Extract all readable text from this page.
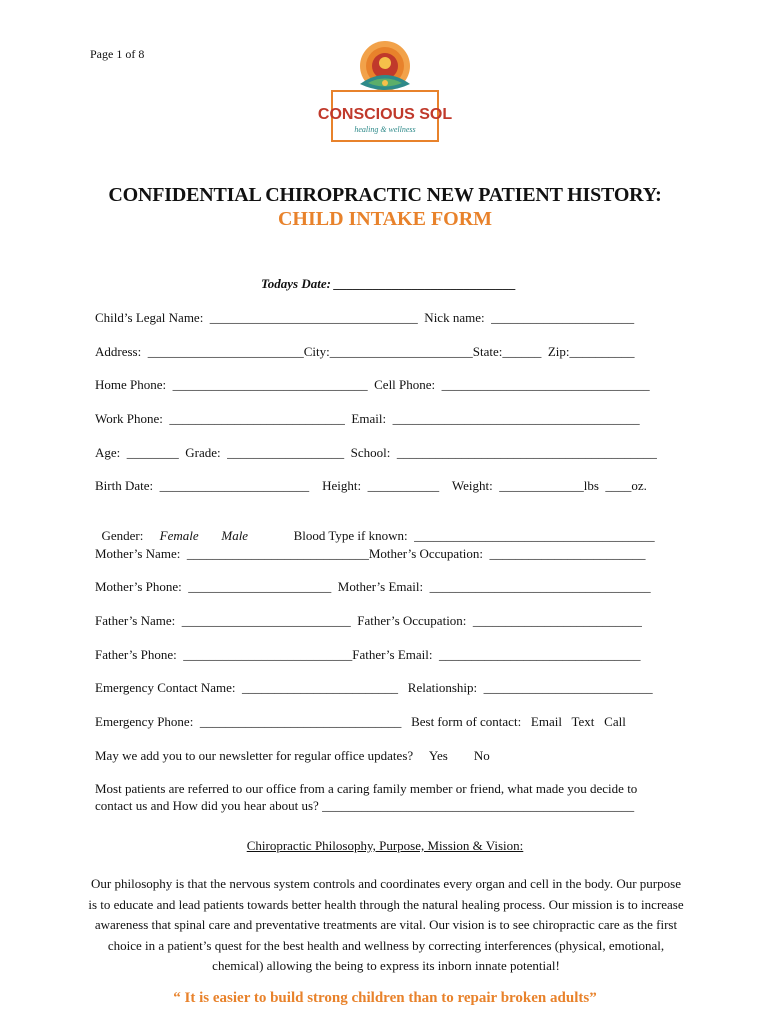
Page 1 of 8
CONSCIOUS SOL
healing & wellness
CONFIDENTIAL CHIROPRACTIC NEW PATIENT HISTORY:
CHILD INTAKE FORM
Todays Date: ____________________________
Child’s Legal Name:  ________________________________  Nick name:  ______________________
Address:  ________________________City:______________________State:______  Zip:__________
Home Phone:  ______________________________  Cell Phone:  ________________________________
Work Phone:  ___________________________  Email:  ______________________________________
Age:  ________  Grade:  __________________  School:  ________________________________________
Birth Date:  _______________________    Height:  ___________    Weight:  _____________lbs  ____oz.

Gender: Female Male	Blood Type if known:  _____________________________________

Mother’s Name:  ____________________________Mother’s Occupation:  ________________________
Mother’s Phone:  ______________________  Mother’s Email:  __________________________________
Father’s Name:  __________________________  Father’s Occupation:  __________________________
Father’s Phone:  __________________________Father’s Email:  _______________________________
Emergency Contact Name:  ________________________   Relationship:  __________________________
Emergency Phone:  _______________________________   Best form of contact:   Email   Text   Call
May we add you to our newsletter for regular office updates?     Yes        No
Most patients are referred to our office from a caring family member or friend, what made you decide to
contact us and How did you hear about us? ________________________________________________
Chiropractic Philosophy, Purpose, Mission & Vision:
Our philosophy is that the nervous system controls and coordinates every organ and cell in the body. Our purpose is to educate and lead patients towards better health through the natural healing process. Our mission is to increase awareness that spinal care and preventative treatments are vital. Our vision is to see chiropractic care as the first choice in a patient’s quest for the best health and wellness by correcting interferences (physical, emotional, chemical) allowing the being to express its inborn innate potential!
“ It is easier to build strong children than to repair broken adults”
